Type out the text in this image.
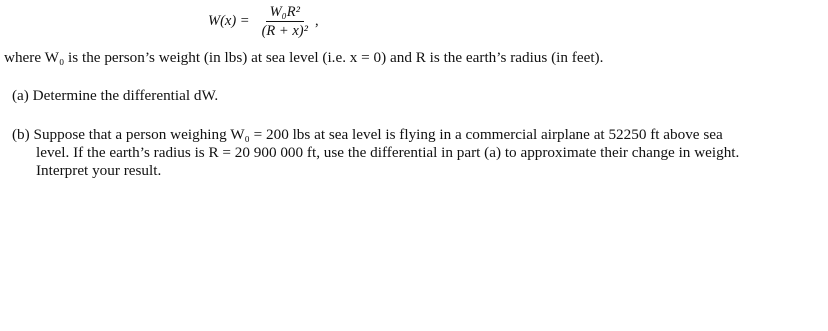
$W(x) = \frac{\text{W₀R²}}{\text{(R + x)²}}$ ,
where W₀ is the person’s weight (in lbs) at sea level (i.e. x = 0) and R is the earth’s radius (in feet).
(a) Determine the differential dW.
(b) Suppose that a person weighing W₀ = 200 lbs at sea level is flying in a commercial airplane at 52250 ft above sea
level. If the earth’s radius is R = 20 900 000 ft, use the differential in part (a) to approximate their change in weight.
Interpret your result.
